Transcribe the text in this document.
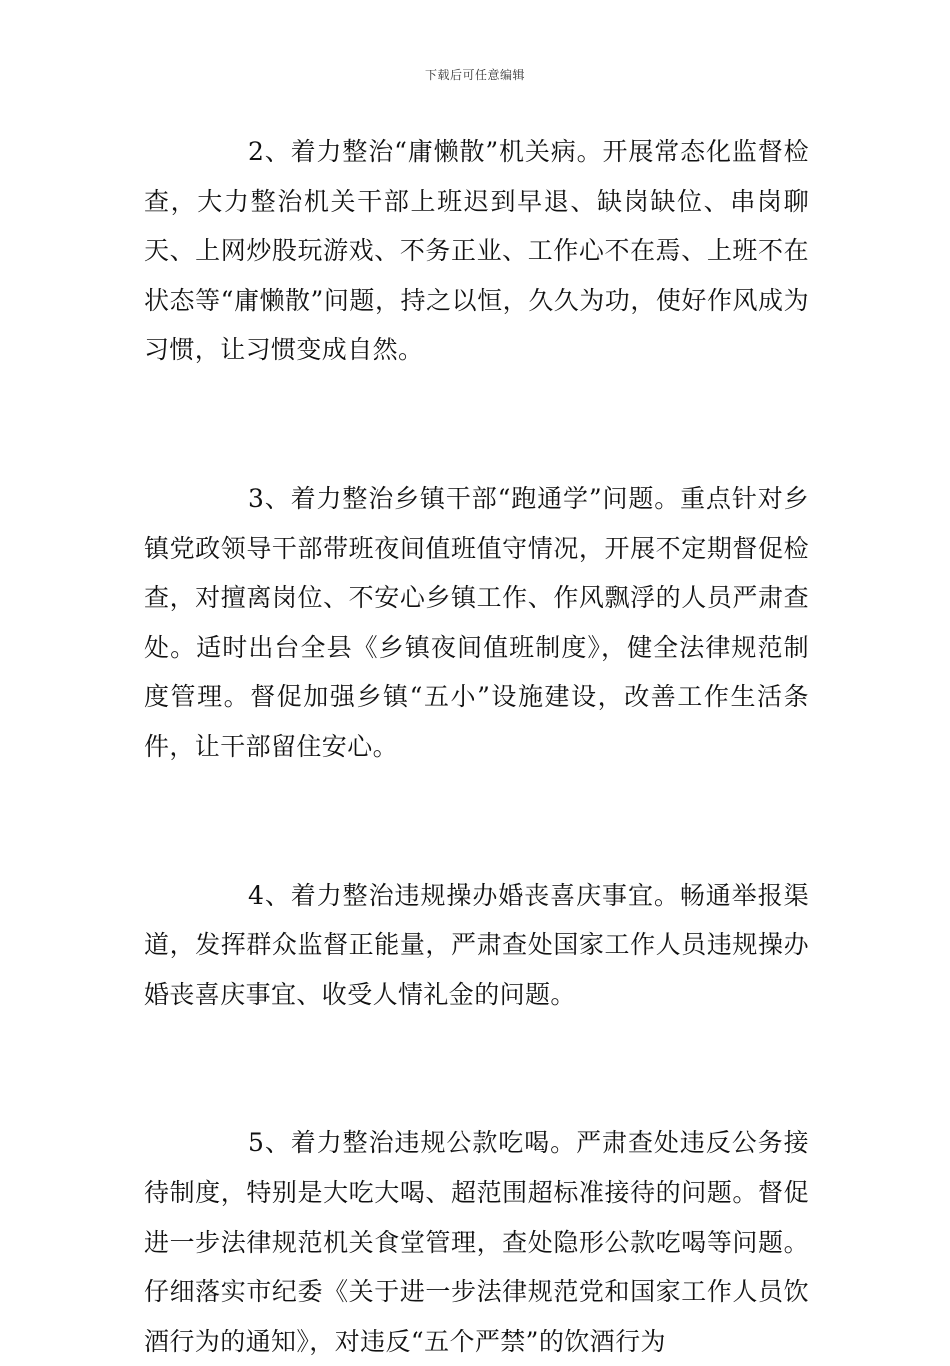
下载后可任意编辑

2、着力整治“庸懒散”机关病。开展常态化监督检查，大力整治机关干部上班迟到早退、缺岗缺位、串岗聊天、上网炒股玩游戏、不务正业、工作心不在焉、上班不在状态等“庸懒散”问题，持之以恒，久久为功，使好作风成为习惯，让习惯变成自然。

3、着力整治乡镇干部“跑通学”问题。重点针对乡镇党政领导干部带班夜间值班值守情况，开展不定期督促检查，对擅离岗位、不安心乡镇工作、作风飘浮的人员严肃查处。适时出台全县《乡镇夜间值班制度》，健全法律规范制度管理。督促加强乡镇“五小”设施建设，改善工作生活条件，让干部留住安心。

4、着力整治违规操办婚丧喜庆事宜。畅通举报渠道，发挥群众监督正能量，严肃查处国家工作人员违规操办婚丧喜庆事宜、收受人情礼金的问题。

5、着力整治违规公款吃喝。严肃查处违反公务接待制度，特别是大吃大喝、超范围超标准接待的问题。督促进一步法律规范机关食堂管理，查处隐形公款吃喝等问题。仔细落实市纪委《关于进一步法律规范党和国家工作人员饮酒行为的通知》，对违反“五个严禁”的饮酒行为
